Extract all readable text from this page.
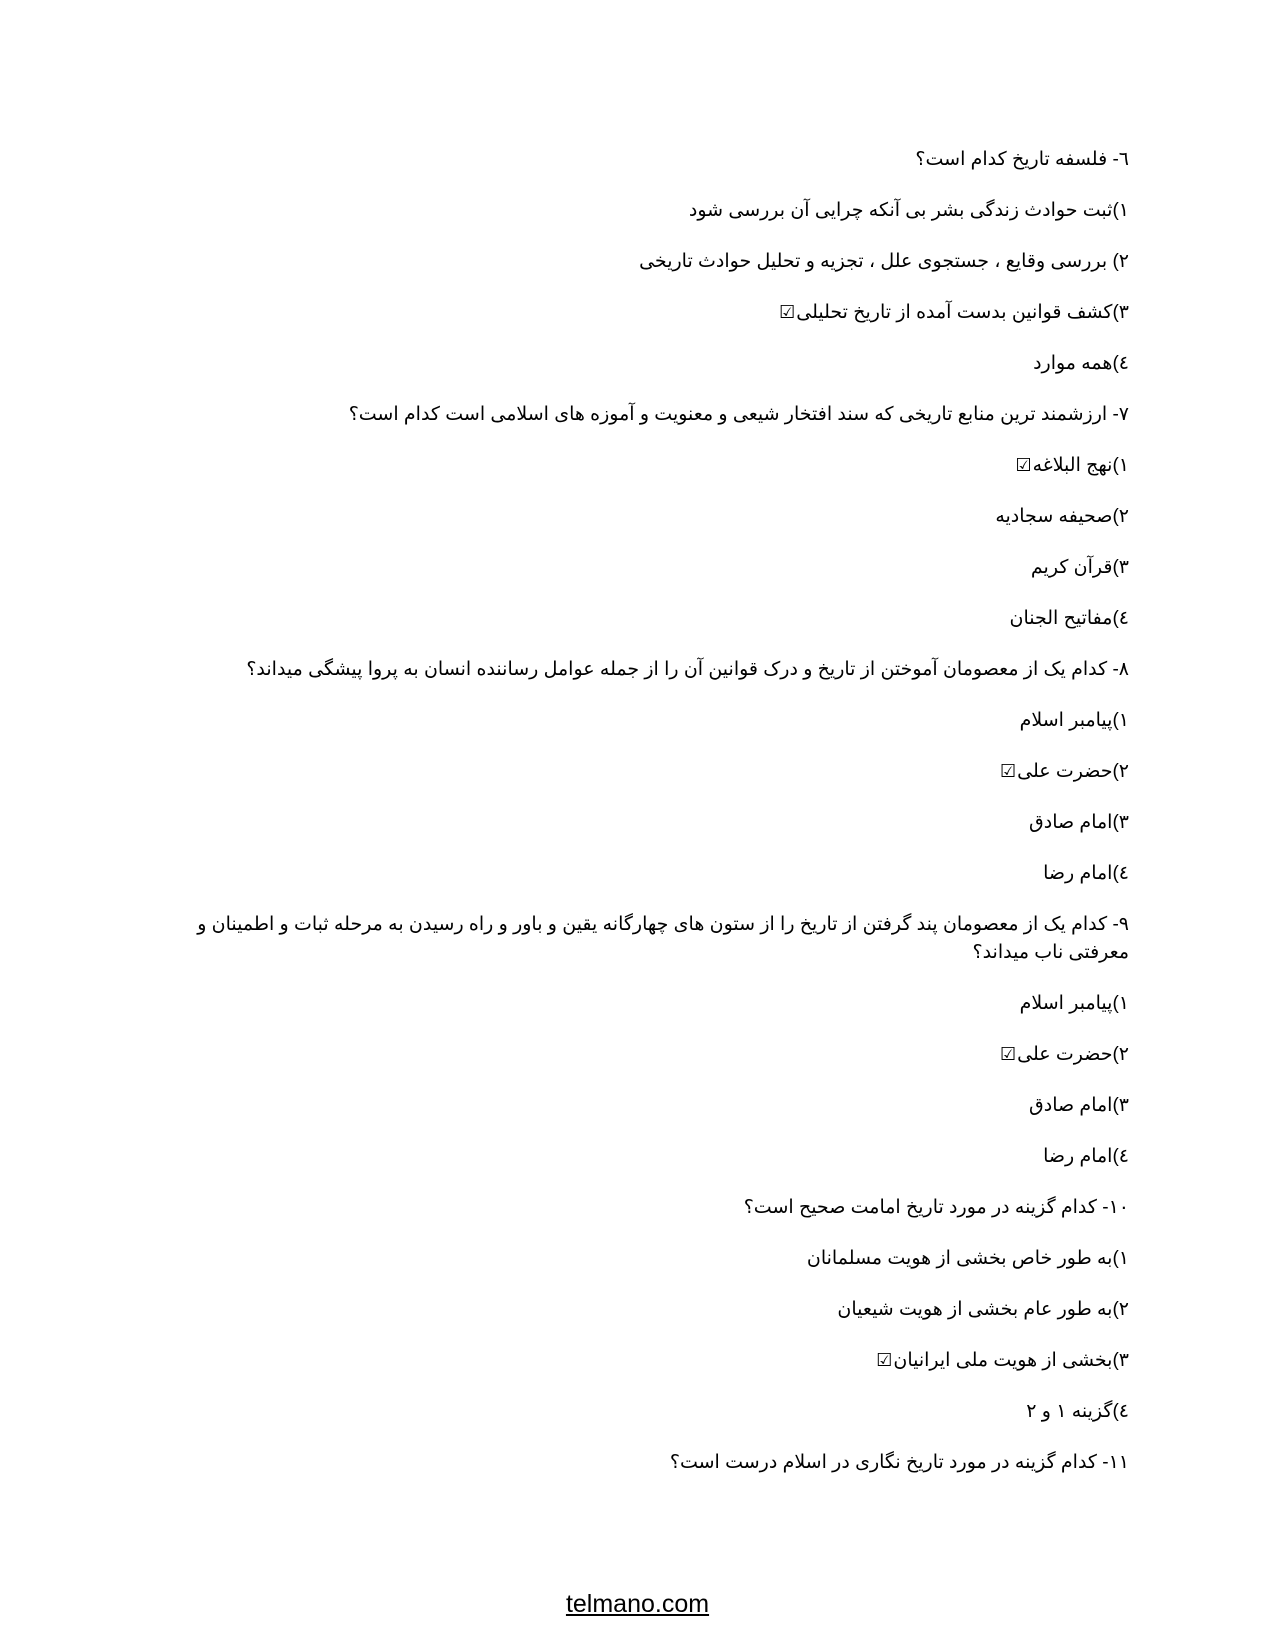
٦- فلسفه تاریخ کدام است؟
١)ثبت حوادث زندگی بشر بی آنکه چرایی آن بررسی شود
٢) بررسی وقایع ، جستجوی علل ، تجزیه و تحلیل حوادث تاریخی
٣)کشف قوانین بدست آمده از تاریخ تحلیلی☑
٤)همه موارد
٧- ارزشمند ترین منابع تاریخی که سند افتخار شیعی و معنویت و آموزه های اسلامی است کدام است؟
١)نهج البلاغه☑
٢)صحیفه سجادیه
٣)قرآن کریم
٤)مفاتیح الجنان
٨- کدام یک از معصومان آموختن از تاریخ و درک قوانین آن را از جمله عوامل رساننده انسان به پروا پیشگی میداند؟
١)پیامبر اسلام
٢)حضرت علی☑
٣)امام صادق
٤)امام رضا
٩- کدام یک از معصومان پند گرفتن از تاریخ را از ستون های چهارگانه یقین و باور و راه رسیدن به مرحله ثبات و اطمینان و معرفتی ناب میداند؟
١)پیامبر اسلام
٢)حضرت علی☑
٣)امام صادق
٤)امام رضا
١٠- کدام گزینه در مورد تاریخ امامت صحیح است؟
١)به طور خاص بخشی از هویت مسلمانان
٢)به طور عام بخشی از هویت شیعیان
٣)بخشی از هویت ملی ایرانیان☑
٤)گزینه ١ و ٢
١١- کدام گزینه در مورد تاریخ نگاری در اسلام درست است؟
telmano.com
